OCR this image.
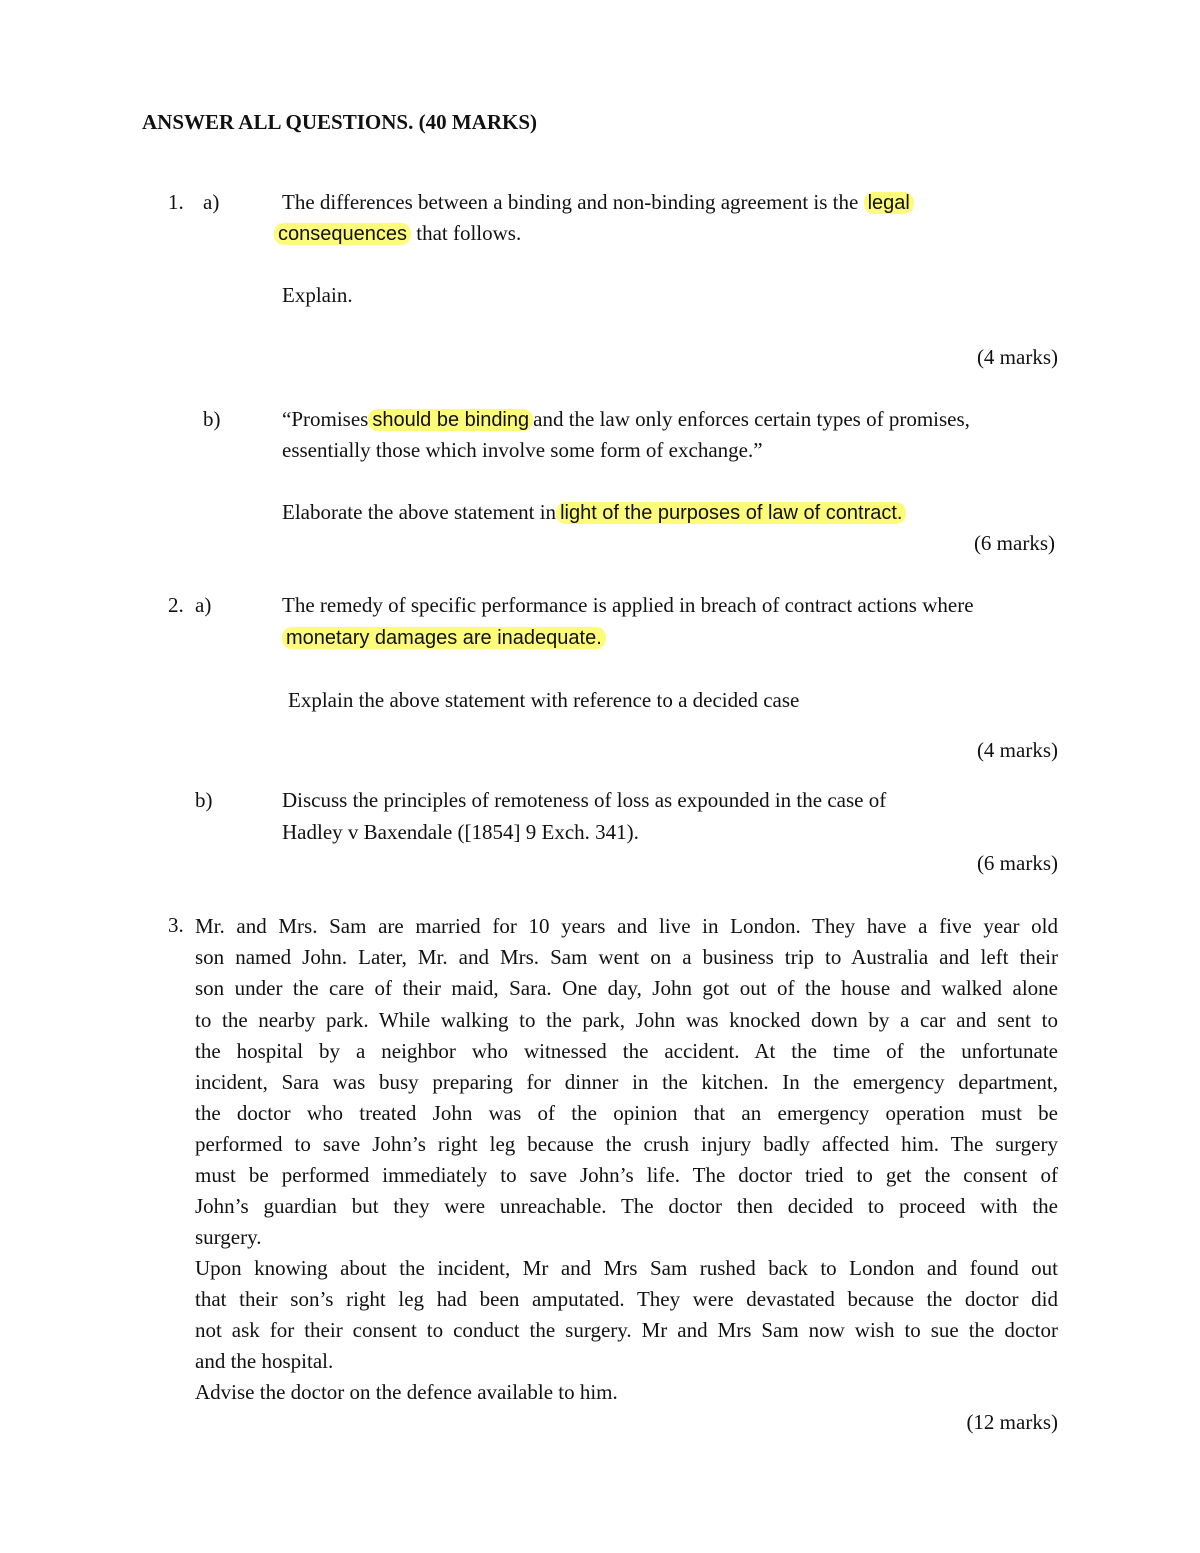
ANSWER ALL QUESTIONS. (40 MARKS)
1. a)	The differences between a binding and non-binding agreement is the legal
consequences that follows.
Explain.
(4 marks)
b)	“Promises should be binding and the law only enforces certain types of promises,
essentially those which involve some form of exchange.”
Elaborate the above statement in light of the purposes of law of contract.
(6 marks)
2. a)	The remedy of specific performance is applied in breach of contract actions where
monetary damages are inadequate.
Explain the above statement with reference to a decided case
(4 marks)
b)	Discuss the principles of remoteness of loss as expounded in the case of
Hadley v Baxendale ([1854] 9 Exch. 341).
(6 marks)
3. Mr. and Mrs. Sam are married for 10 years and live in London. They have a five year old
son named John. Later, Mr. and Mrs. Sam went on a business trip to Australia and left their
son under the care of their maid, Sara. One day, John got out of the house and walked alone
to the nearby park. While walking to the park, John was knocked down by a car and sent to
the hospital by a neighbor who witnessed the accident. At the time of the unfortunate
incident, Sara was busy preparing for dinner in the kitchen. In the emergency department,
the doctor who treated John was of the opinion that an emergency operation must be
performed to save John’s right leg because the crush injury badly affected him. The surgery
must be performed immediately to save John’s life. The doctor tried to get the consent of
John’s guardian but they were unreachable. The doctor then decided to proceed with the
surgery.
Upon knowing about the incident, Mr and Mrs Sam rushed back to London and found out
that their son’s right leg had been amputated. They were devastated because the doctor did
not ask for their consent to conduct the surgery. Mr and Mrs Sam now wish to sue the doctor
and the hospital.
Advise the doctor on the defence available to him.
(12 marks)
